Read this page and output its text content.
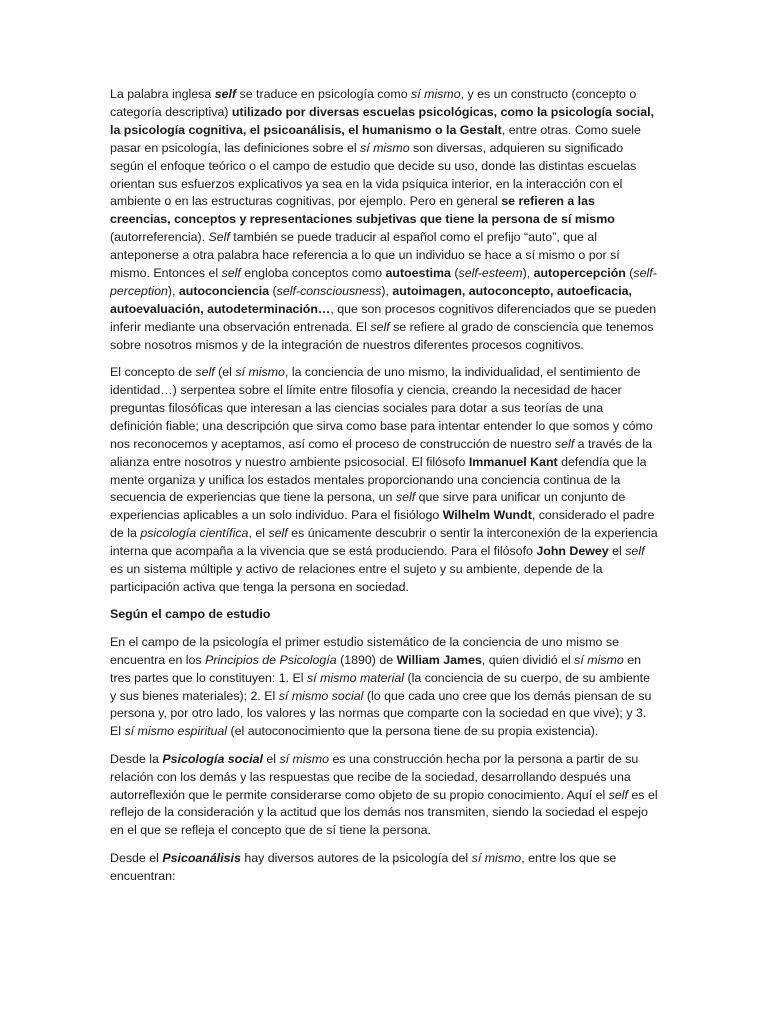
La palabra inglesa self se traduce en psicología como sí mismo, y es un constructo (concepto o categoría descriptiva) utilizado por diversas escuelas psicológicas, como la psicología social, la psicología cognitiva, el psicoanálisis, el humanismo o la Gestalt, entre otras. Como suele pasar en psicología, las definiciones sobre el sí mismo son diversas, adquieren su significado según el enfoque teórico o el campo de estudio que decide su uso, donde las distintas escuelas orientan sus esfuerzos explicativos ya sea en la vida psíquica interior, en la interacción con el ambiente o en las estructuras cognitivas, por ejemplo. Pero en general se refieren a las creencias, conceptos y representaciones subjetivas que tiene la persona de sí mismo (autorreferencia). Self también se puede traducir al español como el prefijo “auto”, que al anteponerse a otra palabra hace referencia a lo que un individuo se hace a sí mismo o por sí mismo. Entonces el self engloba conceptos como autoestima (self-esteem), autopercepción (self-perception), autoconciencia (self-consciousness), autoimagen, autoconcepto, autoeficacia, autoevaluación, autodeterminación…, que son procesos cognitivos diferenciados que se pueden inferir mediante una observación entrenada. El self se refiere al grado de consciencia que tenemos sobre nosotros mismos y de la integración de nuestros diferentes procesos cognitivos.

El concepto de self (el sí mismo, la conciencia de uno mismo, la individualidad, el sentimiento de identidad…) serpentea sobre el límite entre filosofía y ciencia, creando la necesidad de hacer preguntas filosóficas que interesan a las ciencias sociales para dotar a sus teorías de una definición fiable; una descripción que sirva como base para intentar entender lo que somos y cómo nos reconocemos y aceptamos, así como el proceso de construcción de nuestro self a través de la alianza entre nosotros y nuestro ambiente psicosocial. El filósofo Immanuel Kant defendía que la mente organiza y unifica los estados mentales proporcionando una conciencia continua de la secuencia de experiencias que tiene la persona, un self que sirve para unificar un conjunto de experiencias aplicables a un solo individuo. Para el fisiólogo Wilhelm Wundt, considerado el padre de la psicología científica, el self es únicamente descubrir o sentir la interconexión de la experiencia interna que acompaña a la vivencia que se está produciendo. Para el filósofo John Dewey el self es un sistema múltiple y activo de relaciones entre el sujeto y su ambiente, depende de la participación activa que tenga la persona en sociedad.

Según el campo de estudio

En el campo de la psicología el primer estudio sistemático de la conciencia de uno mismo se encuentra en los Principios de Psicología (1890) de William James, quien dividió el sí mismo en tres partes que lo constituyen: 1. El sí mismo material (la conciencia de su cuerpo, de su ambiente y sus bienes materiales); 2. El sí mismo social (lo que cada uno cree que los demás piensan de su persona y, por otro lado, los valores y las normas que comparte con la sociedad en que vive); y 3. El sí mismo espiritual (el autoconocimiento que la persona tiene de su propia existencia).

Desde la Psicología social el sí mismo es una construcción hecha por la persona a partir de su relación con los demás y las respuestas que recibe de la sociedad, desarrollando después una autorreflexión que le permite considerarse como objeto de su propio conocimiento. Aquí el self es el reflejo de la consideración y la actitud que los demás nos transmiten, siendo la sociedad el espejo en el que se refleja el concepto que de sí tiene la persona.

Desde el Psicoanálisis hay diversos autores de la psicología del sí mismo, entre los que se encuentran:
